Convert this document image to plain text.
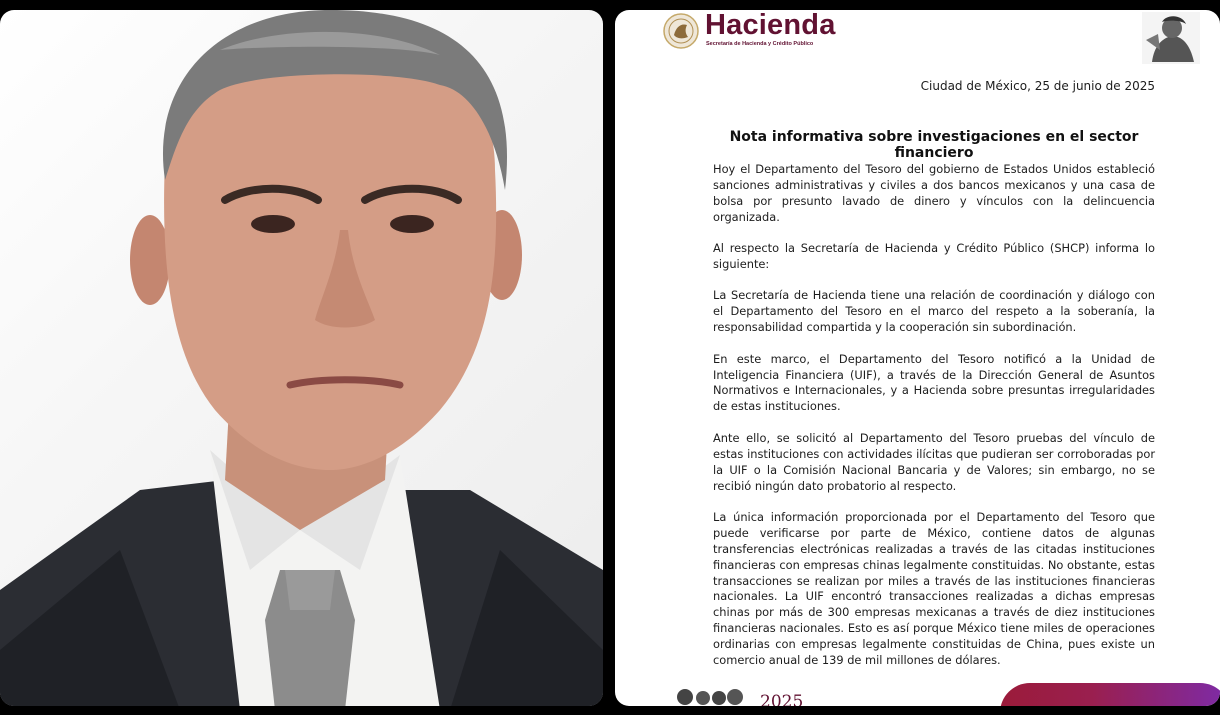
Hacienda
Secretaría de Hacienda y Crédito Público
Ciudad de México, 25 de junio de 2025
Nota informativa sobre investigaciones en el sector financiero

Hoy el Departamento del Tesoro del gobierno de Estados Unidos estableció sanciones administrativas y civiles a dos bancos mexicanos y una casa de bolsa por presunto lavado de dinero y vínculos con la delincuencia organizada.

Al respecto la Secretaría de Hacienda y Crédito Público (SHCP) informa lo siguiente:

La Secretaría de Hacienda tiene una relación de coordinación y diálogo con el Departamento del Tesoro en el marco del respeto a la soberanía, la responsabilidad compartida y la cooperación sin subordinación.

En este marco, el Departamento del Tesoro notificó a la Unidad de Inteligencia Financiera (UIF), a través de la Dirección General de Asuntos Normativos e Internacionales, y a Hacienda sobre presuntas irregularidades de estas instituciones.

Ante ello, se solicitó al Departamento del Tesoro pruebas del vínculo de estas instituciones con actividades ilícitas que pudieran ser corroboradas por la UIF o la Comisión Nacional Bancaria y de Valores; sin embargo, no se recibió ningún dato probatorio al respecto.

La única información proporcionada por el Departamento del Tesoro que puede verificarse por parte de México, contiene datos de algunas transferencias electrónicas realizadas a través de las citadas instituciones financieras con empresas chinas legalmente constituidas. No obstante, estas transacciones se realizan por miles a través de las instituciones financieras nacionales. La UIF encontró transacciones realizadas a dichas empresas chinas por más de 300 empresas mexicanas a través de diez instituciones financieras nacionales. Esto es así porque México tiene miles de operaciones ordinarias con empresas legalmente constituidas de China, pues existe un comercio anual de 139 de mil millones de dólares.

2025
